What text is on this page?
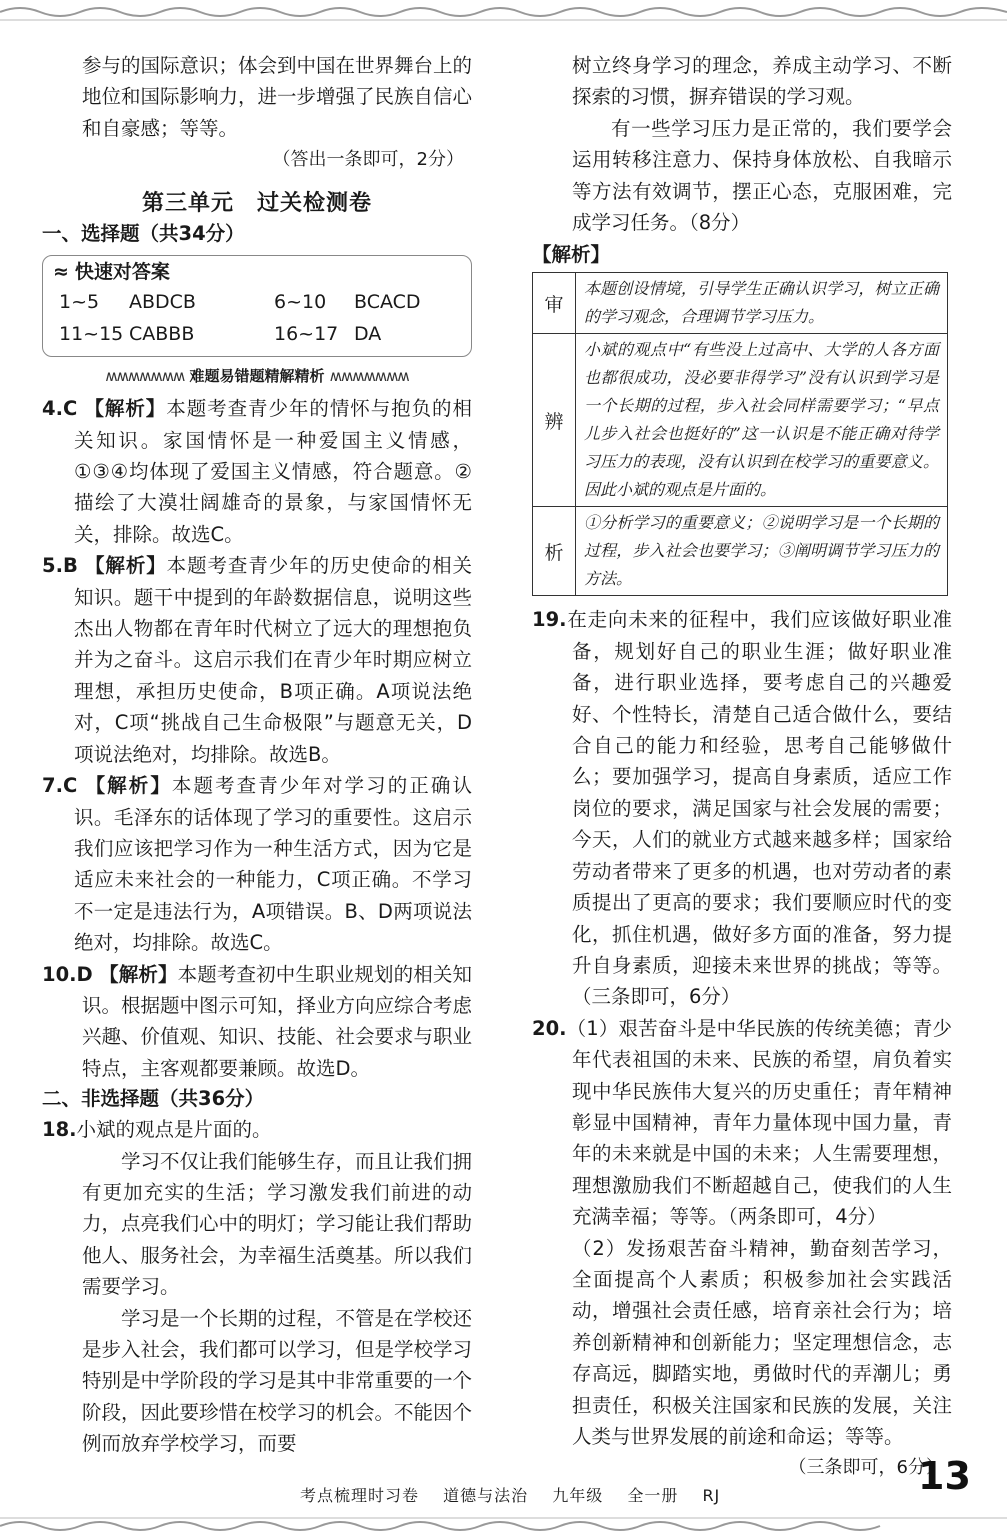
参与的国际意识；体会到中国在世界舞台上的地位和国际影响力，进一步增强了民族自信心和自豪感；等等。

（答出一条即可，2分）

第三单元　过关检测卷

一、选择题（共34分）

≈ 快速对答案
1~5	ABDCB	6~10	BCACD
11~15 CABBB	16~17 DA
ʍʍʍʍʍʍʍ 难题易错题精解精析 ʍʍʍʍʍʍʍ

4.C 【解析】本题考查青少年的情怀与抱负的相关知识。家国情怀是一种爱国主义情感，①③④均体现了爱国主义情感，符合题意。②描绘了大漠壮阔雄奇的景象，与家国情怀无关，排除。故选C。

5.B 【解析】本题考查青少年的历史使命的相关知识。题干中提到的年龄数据信息，说明这些杰出人物都在青年时代树立了远大的理想抱负并为之奋斗。这启示我们在青少年时期应树立理想，承担历史使命，B项正确。A项说法绝对，C项“挑战自己生命极限”与题意无关，D项说法绝对，均排除。故选B。

7.C 【解析】本题考查青少年对学习的正确认识。毛泽东的话体现了学习的重要性。这启示我们应该把学习作为一种生活方式，因为它是适应未来社会的一种能力，C项正确。不学习不一定是违法行为，A项错误。B、D两项说法绝对，均排除。故选C。

10.D 【解析】本题考查初中生职业规划的相关知识。根据题中图示可知，择业方向应综合考虑兴趣、价值观、知识、技能、社会要求与职业特点，主客观都要兼顾。故选D。

二、非选择题（共36分）

18.小斌的观点是片面的。

学习不仅让我们能够生存，而且让我们拥有更加充实的生活；学习激发我们前进的动力，点亮我们心中的明灯；学习能让我们帮助他人、服务社会，为幸福生活奠基。所以我们需要学习。

学习是一个长期的过程，不管是在学校还是步入社会，我们都可以学习，但是学校学习特别是中学阶段的学习是其中非常重要的一个阶段，因此要珍惜在校学习的机会。不能因个例而放弃学校学习，而要

树立终身学习的理念，养成主动学习、不断探索的习惯，摒弃错误的学习观。

有一些学习压力是正常的，我们要学会运用转移注意力、保持身体放松、自我暗示等方法有效调节，摆正心态，克服困难，完成学习任务。（8分）

【解析】

审	本题创设情境，引导学生正确认识学习，树立正确的学习观念，合理调节学习压力。
辨	小斌的观点中“有些没上过高中、大学的人各方面也都很成功，没必要非得学习”没有认识到学习是一个长期的过程，步入社会同样需要学习；“早点儿步入社会也挺好的”这一认识是不能正确对待学习压力的表现，没有认识到在校学习的重要意义。因此小斌的观点是片面的。
析	①分析学习的重要意义；②说明学习是一个长期的过程，步入社会也要学习；③阐明调节学习压力的方法。

19.在走向未来的征程中，我们应该做好职业准备，规划好自己的职业生涯；做好职业准备，进行职业选择，要考虑自己的兴趣爱好、个性特长，清楚自己适合做什么，要结合自己的能力和经验，思考自己能够做什么；要加强学习，提高自身素质，适应工作岗位的要求，满足国家与社会发展的需要；今天，人们的就业方式越来越多样；国家给劳动者带来了更多的机遇，也对劳动者的素质提出了更高的要求；我们要顺应时代的变化，抓住机遇，做好多方面的准备，努力提升自身素质，迎接未来世界的挑战；等等。（三条即可，6分）

20.（1）艰苦奋斗是中华民族的传统美德；青少年代表祖国的未来、民族的希望，肩负着实现中华民族伟大复兴的历史重任；青年精神彰显中国精神，青年力量体现中国力量，青年的未来就是中国的未来；人生需要理想，理想激励我们不断超越自己，使我们的人生充满幸福；等等。（两条即可，4分）

（2）发扬艰苦奋斗精神，勤奋刻苦学习，全面提高个人素质；积极参加社会实践活动，增强社会责任感，培育亲社会行为；培养创新精神和创新能力；坚定理想信念，志存高远，脚踏实地，勇做时代的弄潮儿；勇担责任，积极关注国家和民族的发展，关注人类与世界发展的前途和命运；等等。

（三条即可，6分）

考点梳理时习卷 道德与法治 九年级 全一册 RJ	13
